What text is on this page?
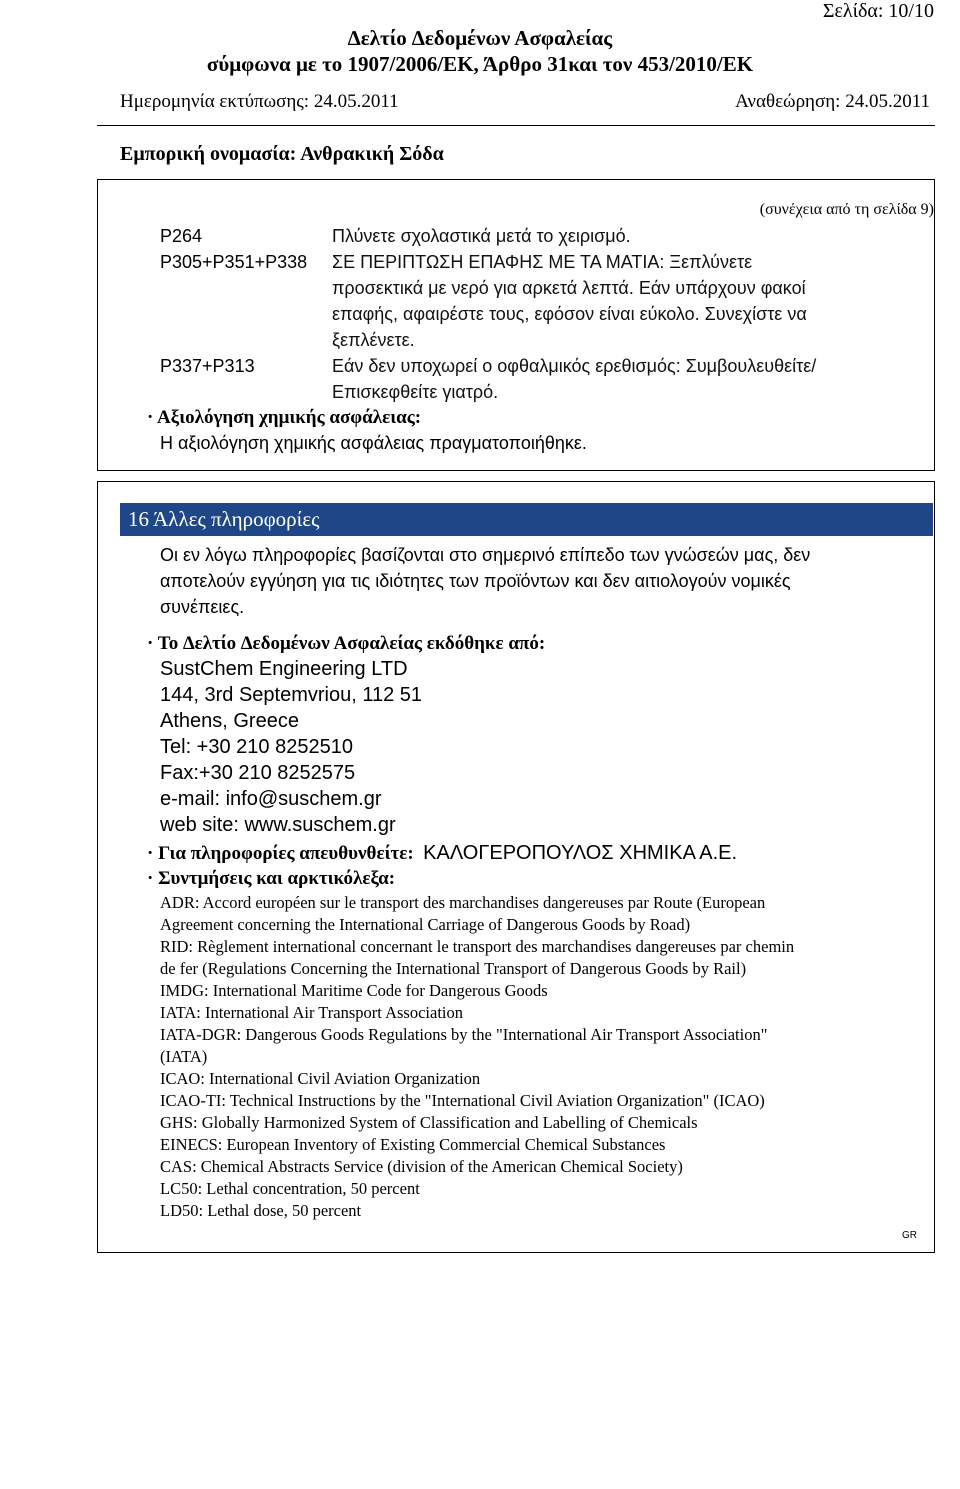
Σελίδα: 10/10
∆ελτίο ∆εδομένων Ασφαλείας
σύμφωνα με το 1907/2006/ΕΚ, Άρθρο 31και τον 453/2010/ΕΚ
Ημερομηνία εκτύπωσης: 24.05.2011	Αναθεώρηση: 24.05.2011
Εμπορική ονομασία: Ανθρακική Σόδα
(συνέχεια από τη σελίδα 9)
P264	Πλύνετε σχολαστικά μετά το χειρισμό.
P305+P351+P338 ΣΕ ΠΕΡΙΠΤΩΣΗ ΕΠΑΦΗΣ ΜΕ ΤΑ ΜΑΤΙΑ: Ξεπλύνετε
προσεκτικά με νερό για αρκετά λεπτά. Εάν υπάρχουν φακοί
επαφής, αφαιρέστε τους, εφόσον είναι εύκολο. Συνεχίστε να
ξεπλένετε.
P337+P313	Εάν δεν υποχωρεί ο οφθαλμικός ερεθισμός: Συμβουλευθείτε/
Επισκεφθείτε γιατρό.
· Αξιολόγηση χημικής ασφάλειας:
Η αξιολόγηση χημικής ασφάλειας πραγματοποιήθηκε.
16 Άλλες πληροφορίες
Οι εν λόγω πληροφορίες βασίζονται στο σημερινό επίπεδο των γνώσεών μας, δεν
αποτελούν εγγύηση για τις ιδιότητες των προϊόντων και δεν αιτιολογούν νομικές
συνέπειες.
· Το ∆ελτίο ∆εδομένων Ασφαλείας εκδόθηκε από:
SustChem Engineering LTD
144, 3rd Septemvriou, 112 51
Athens, Greece
Tel: +30 210 8252510
Fax:+30 210 8252575
e-mail: info@suschem.gr
web site: www.suschem.gr
· Για πληροφορίες απευθυνθείτε: ΚΑΛΟΓΕΡΟΠΟΥΛΟΣ ΧΗΜΙΚΑ Α.Ε.
· Συντμήσεις και αρκτικόλεξα:
ADR: Accord européen sur le transport des marchandises dangereuses par Route (European
Agreement concerning the International Carriage of Dangerous Goods by Road)
RID: Règlement international concernant le transport des marchandises dangereuses par chemin
de fer (Regulations Concerning the International Transport of Dangerous Goods by Rail)
IMDG: International Maritime Code for Dangerous Goods
IATA: International Air Transport Association
IATA-DGR: Dangerous Goods Regulations by the "International Air Transport Association"
(IATA)
ICAO: International Civil Aviation Organization
ICAO-TI: Technical Instructions by the "International Civil Aviation Organization" (ICAO)
GHS: Globally Harmonized System of Classification and Labelling of Chemicals
EINECS: European Inventory of Existing Commercial Chemical Substances
CAS: Chemical Abstracts Service (division of the American Chemical Society)
LC50: Lethal concentration, 50 percent
LD50: Lethal dose, 50 percent
GR
